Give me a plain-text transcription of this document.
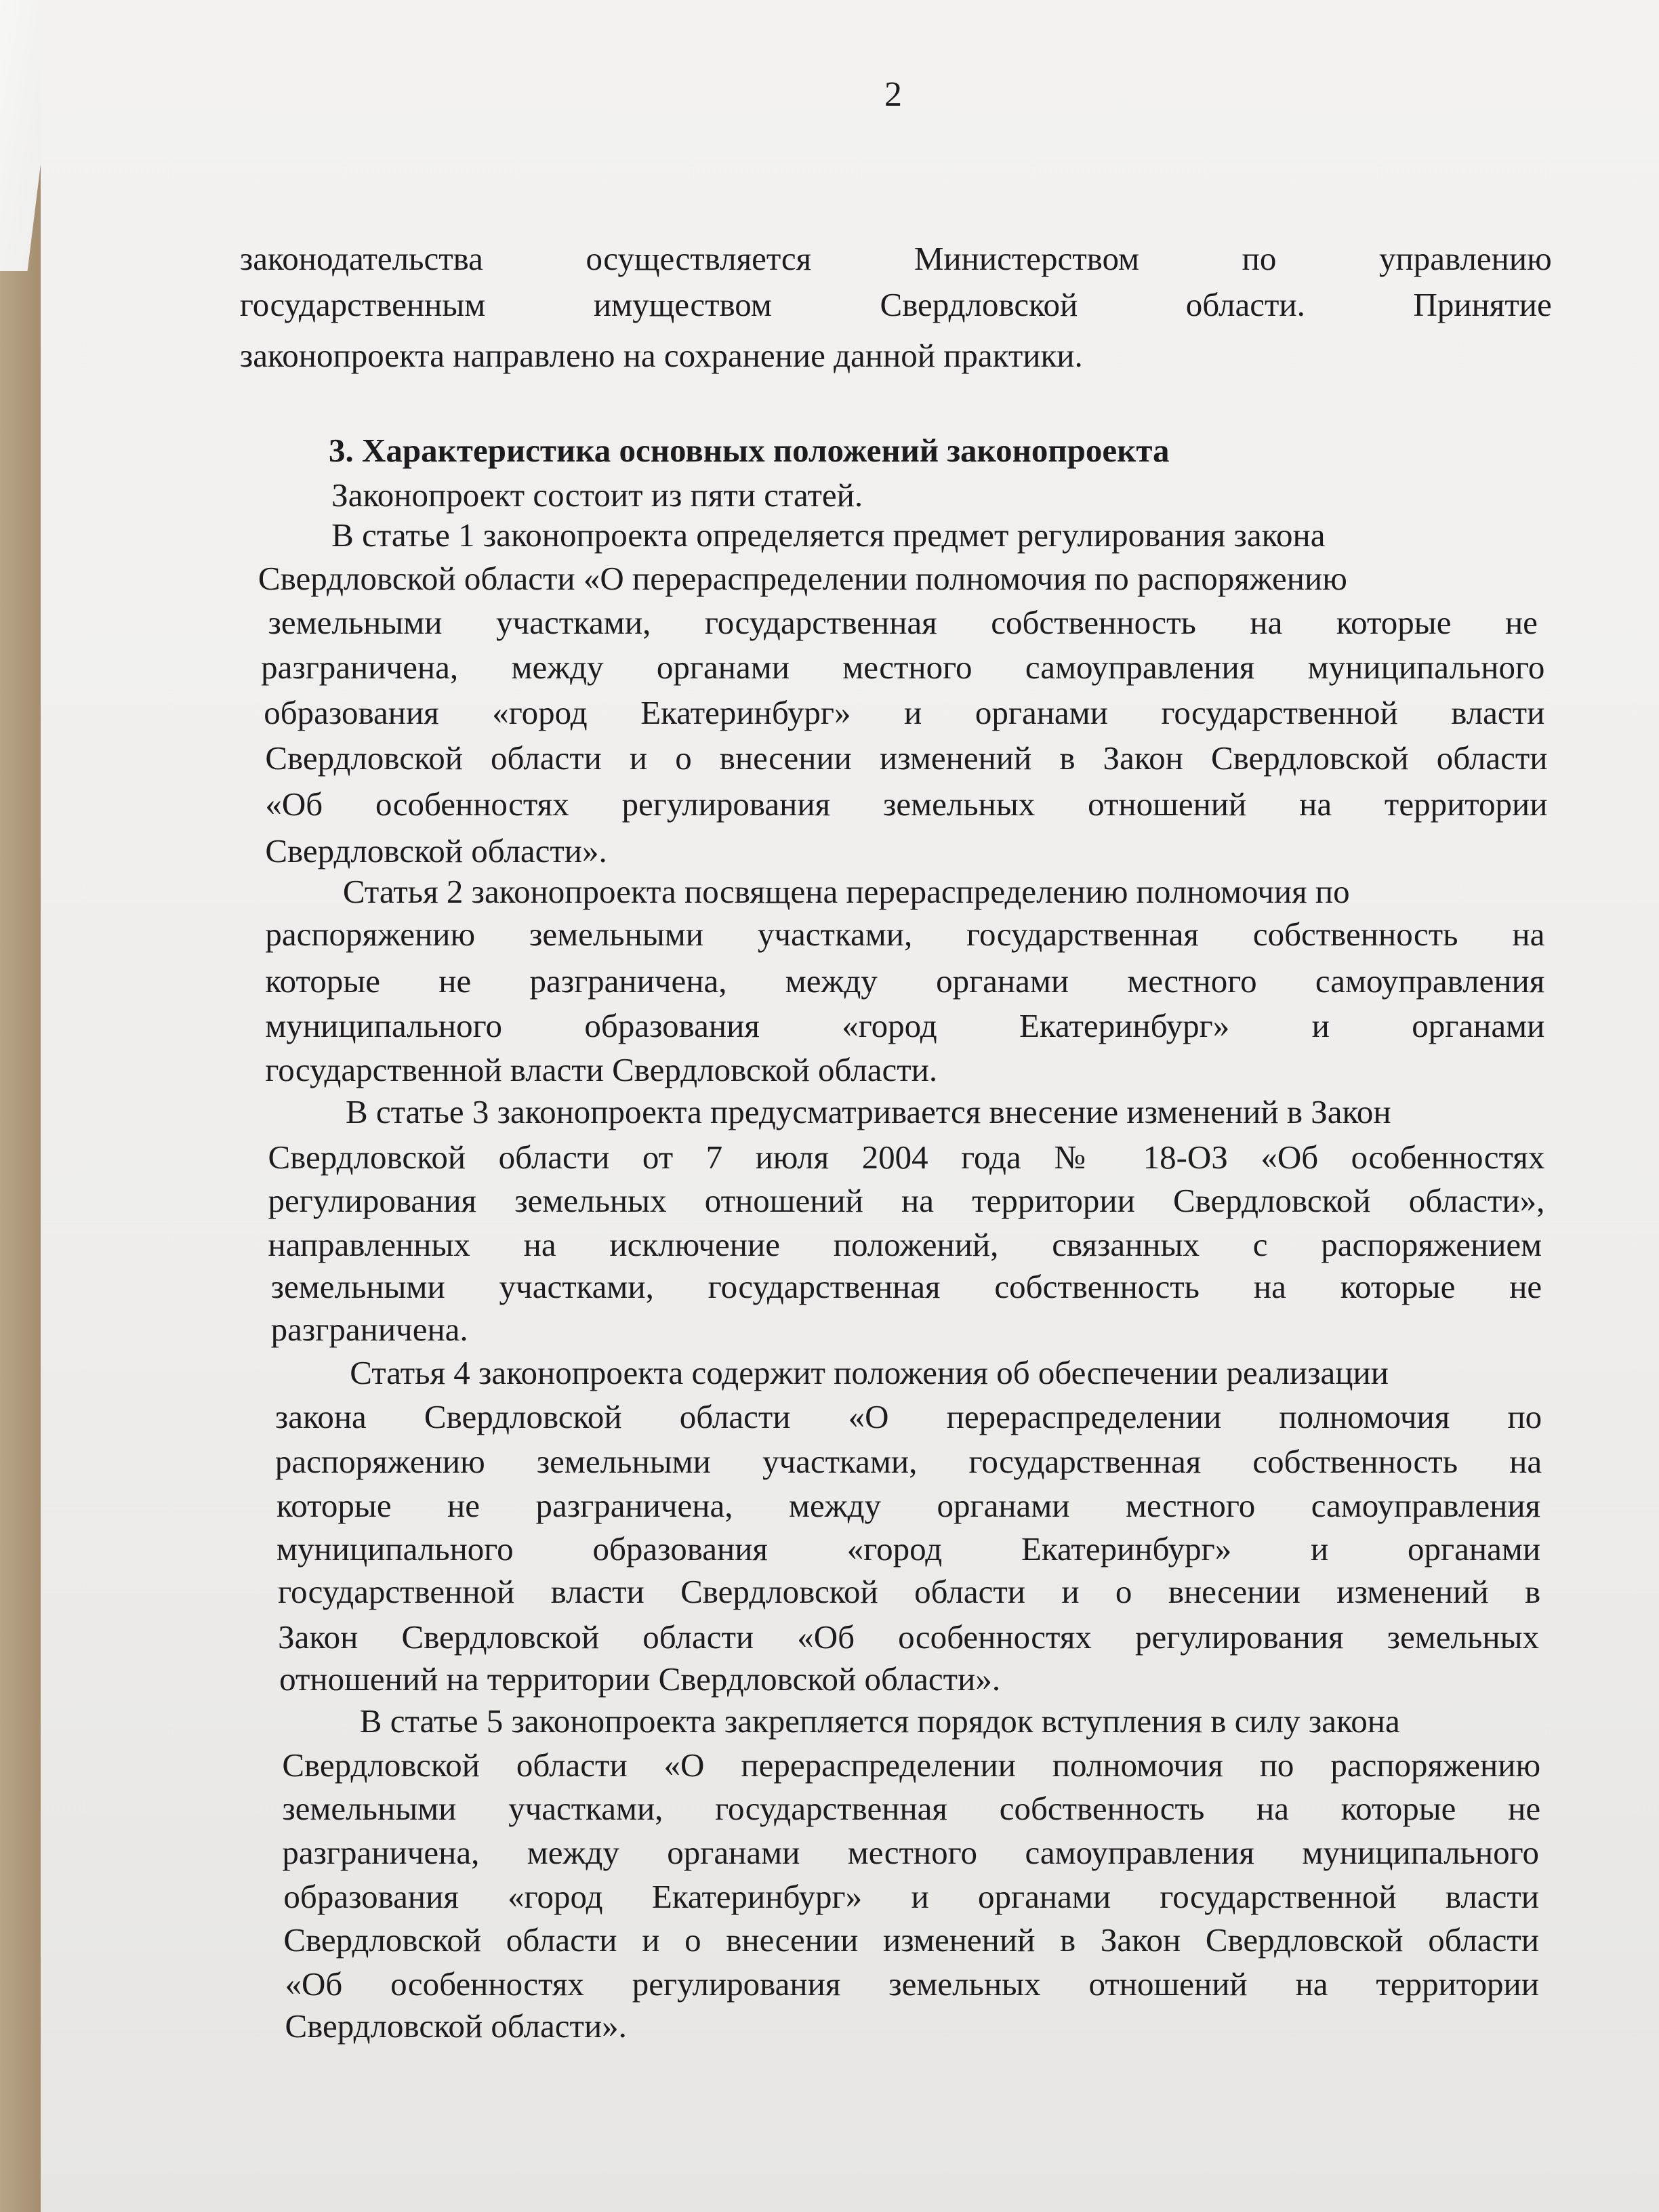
2
законодательства осуществляется Министерством по управлению
государственным имуществом Свердловской области. Принятие
законопроекта направлено на сохранение данной практики.
3. Характеристика основных положений законопроекта
Законопроект состоит из пяти статей.
В статье 1 законопроекта определяется предмет регулирования закона
Свердловской области «О перераспределении полномочия по распоряжению
земельными участками, государственная собственность на которые не
разграничена, между органами местного самоуправления муниципального
образования «город Екатеринбург» и органами государственной власти
Свердловской области и о внесении изменений в Закон Свердловской области
«Об особенностях регулирования земельных отношений на территории
Свердловской области».
Статья 2 законопроекта посвящена перераспределению полномочия по
распоряжению земельными участками, государственная собственность на
которые не разграничена, между органами местного самоуправления
муниципального образования «город Екатеринбург» и органами
государственной власти Свердловской области.
В статье 3 законопроекта предусматривается внесение изменений в Закон
Свердловской области от 7 июля 2004 года № 18-ОЗ «Об особенностях
регулирования земельных отношений на территории Свердловской области»,
направленных на исключение положений, связанных с распоряжением
земельными участками, государственная собственность на которые не
разграничена.
Статья 4 законопроекта содержит положения об обеспечении реализации
закона Свердловской области «О перераспределении полномочия по
распоряжению земельными участками, государственная собственность на
которые не разграничена, между органами местного самоуправления
муниципального образования «город Екатеринбург» и органами
государственной власти Свердловской области и о внесении изменений в
Закон Свердловской области «Об особенностях регулирования земельных
отношений на территории Свердловской области».
В статье 5 законопроекта закрепляется порядок вступления в силу закона
Свердловской области «О перераспределении полномочия по распоряжению
земельными участками, государственная собственность на которые не
разграничена, между органами местного самоуправления муниципального
образования «город Екатеринбург» и органами государственной власти
Свердловской области и о внесении изменений в Закон Свердловской области
«Об особенностях регулирования земельных отношений на территории
Свердловской области».
